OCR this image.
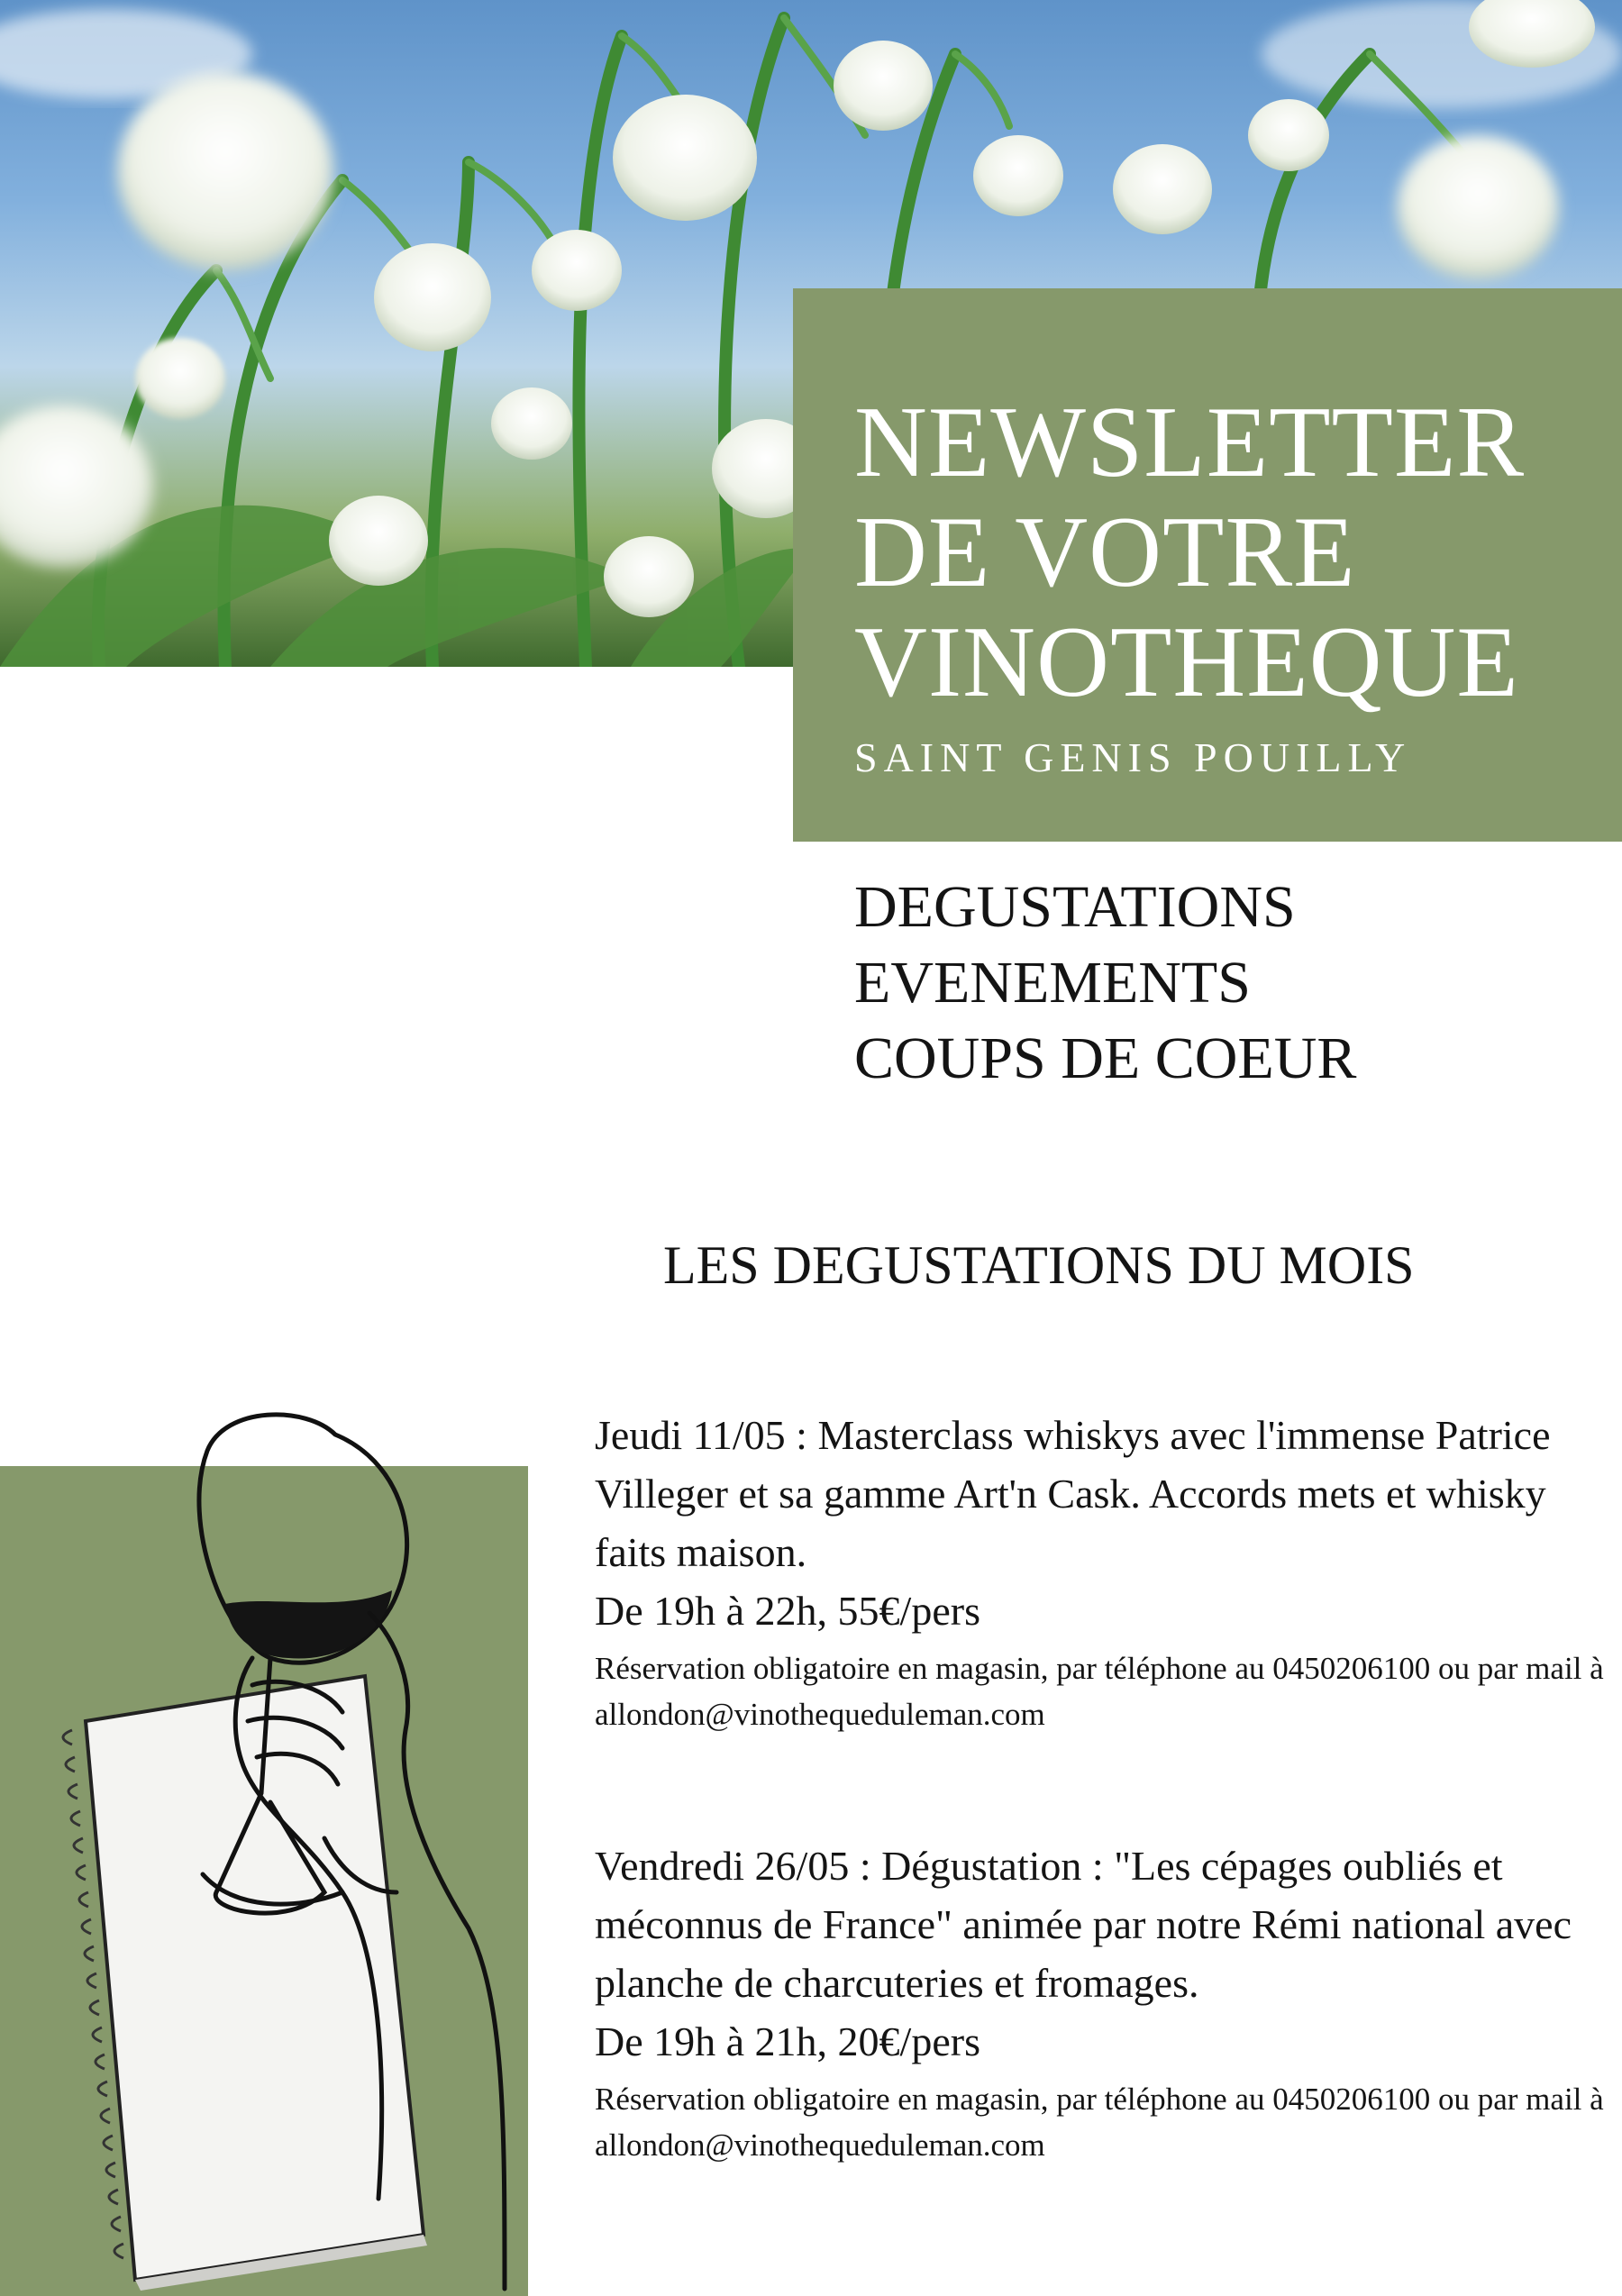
NEWSLETTER
DE VOTRE
VINOTHEQUE
SAINT GENIS POUILLY
DEGUSTATIONS
EVENEMENTS
COUPS DE COEUR
LES DEGUSTATIONS DU MOIS
Jeudi 11/05 : Masterclass whiskys avec l'immense Patrice Villeger et sa gamme Art'n Cask. Accords mets et whisky faits maison.
De 19h à 22h, 55€/pers
Réservation obligatoire en magasin, par téléphone au 0450206100 ou par mail à allondon@vinothequeduleman.com
Vendredi 26/05 : Dégustation : "Les cépages oubliés et méconnus de France" animée par notre Rémi national avec planche de charcuteries et fromages.
De 19h à 21h, 20€/pers
Réservation obligatoire en magasin, par téléphone au 0450206100 ou par mail à allondon@vinothequeduleman.com
